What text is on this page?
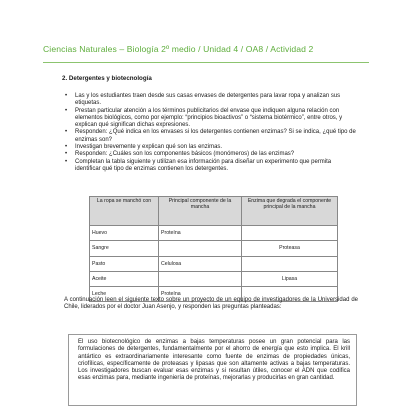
Ciencias Naturales – Biología 2º medio / Unidad 4 / OA8 / Actividad 2
2. Detergentes y biotecnología
• Las y los estudiantes traen desde sus casas envases de detergentes para lavar ropa y analizan sus etiquetas.
• Prestan particular atención a los términos publicitarios del envase que indiquen alguna relación con elementos biológicos, como por ejemplo: “principios bioactivos” o “sistema biotérmico”, entre otros, y explican qué significan dichas expresiones.
• Responden: ¿Qué indica en los envases si los detergentes contienen enzimas? Si se indica, ¿qué tipo de enzimas son?
• Investigan brevemente y explican qué son las enzimas.
• Responden: ¿Cuáles son los componentes básicos (monómeros) de las enzimas?
• Completan la tabla siguiente y utilizan esa información para diseñar un experimento que permita identificar qué tipo de enzimas contienen los detergentes.
La ropa se manchó con	Principal componente de la mancha	Enzima que degrada el componente principal de la mancha
Huevo	Proteína	
Sangre		Proteasa
Pasto	Celulosa	
Aceite		Lipasa
Leche	Proteína	
A continuación leen el siguiente texto sobre un proyecto de un equipo de investigadores de la Universidad de Chile, liderados por el doctor Juan Asenjo, y responden las preguntas planteadas:
El uso biotecnológico de enzimas a bajas temperaturas posee un gran potencial para las formulaciones de detergentes, fundamentalmente por el ahorro de energía que esto implica. El krill antártico es extraordinariamente interesante como fuente de enzimas de propiedades únicas, criofílicas, específicamente de proteasas y lipasas que son altamente activas a bajas temperaturas. Los investigadores buscan evaluar esas enzimas y si resultan útiles, conocer el ADN que codifica esas enzimas para, mediante ingeniería de proteínas, mejorarlas y producirlas en gran cantidad.
